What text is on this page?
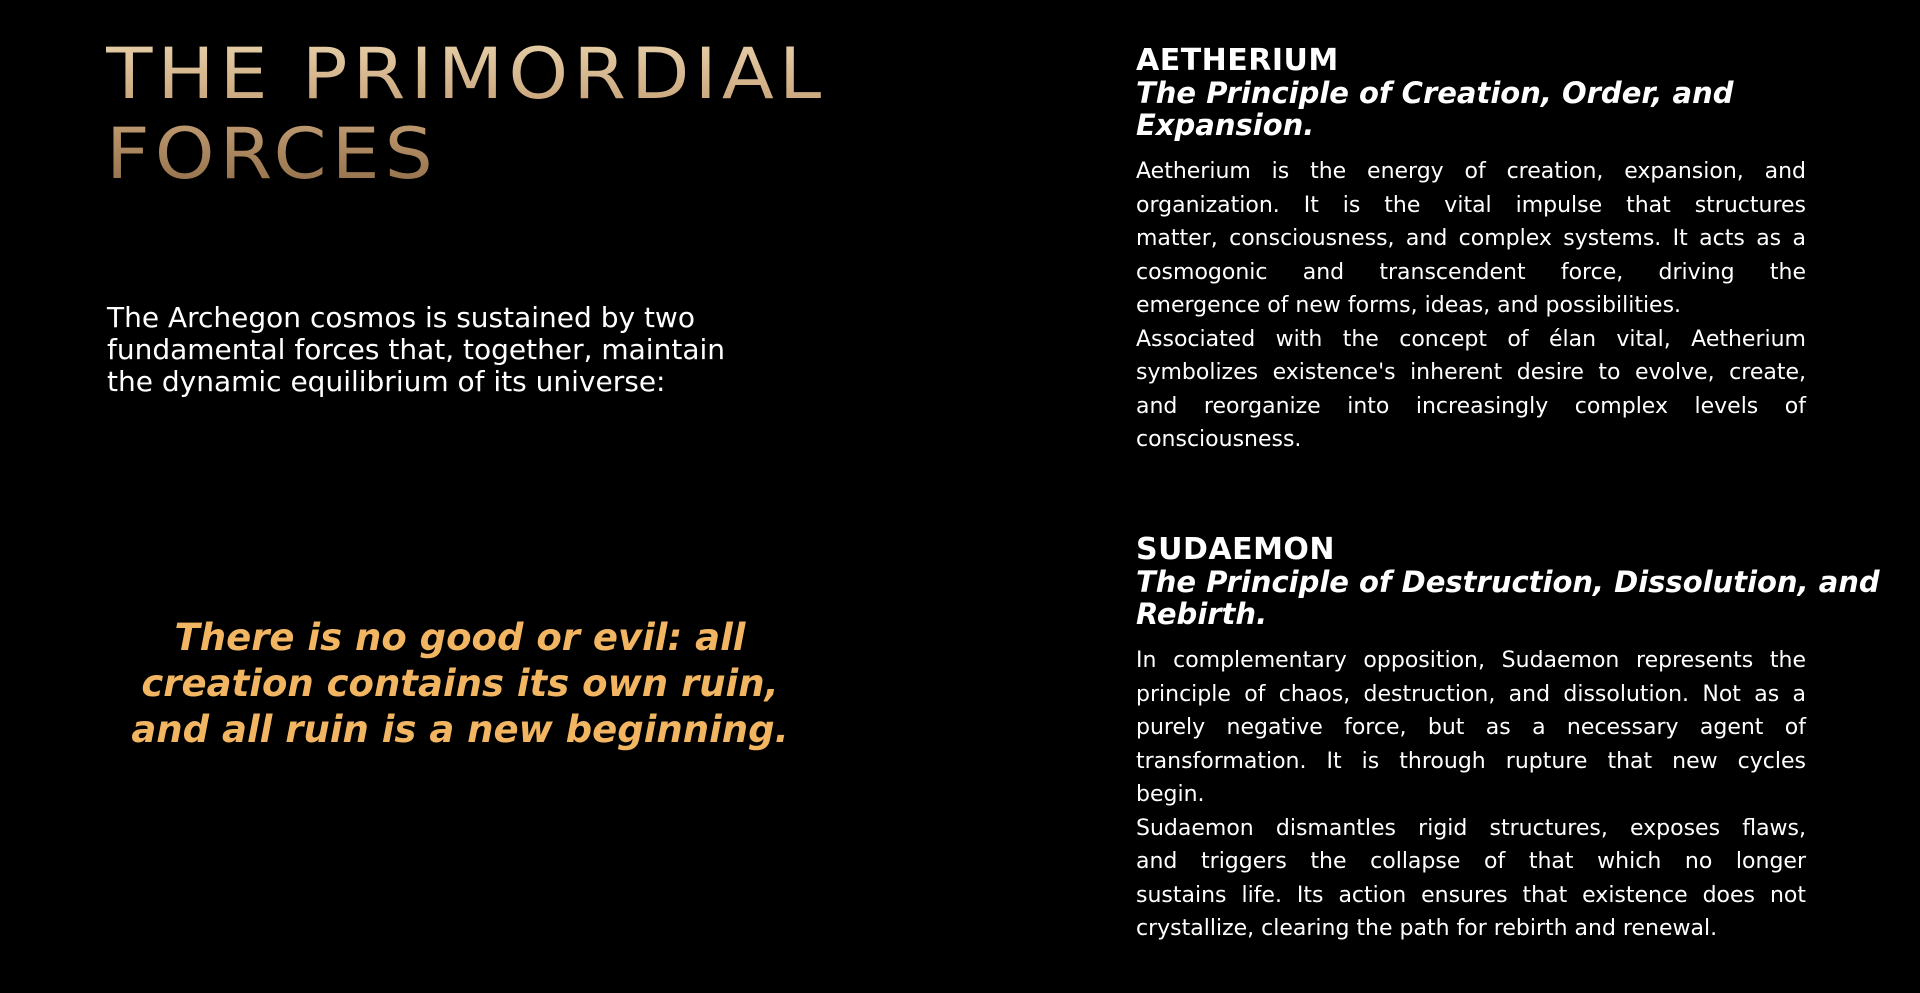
THE PRIMORDIAL
FORCES

The Archegon cosmos is sustained by two
fundamental forces that, together, maintain
the dynamic equilibrium of its universe:

There is no good or evil: all
creation contains its own ruin,
and all ruin is a new beginning.
AETHERIUM
The Principle of Creation, Order, and
Expansion.

Aetherium is the energy of creation, expansion, and
organization. It is the vital impulse that structures
matter, consciousness, and complex systems. It acts as a
cosmogonic and transcendent force, driving the
emergence of new forms, ideas, and possibilities.

Associated with the concept of élan vital, Aetherium
symbolizes existence's inherent desire to evolve, create,
and reorganize into increasingly complex levels of
consciousness.

SUDAEMON
The Principle of Destruction, Dissolution, and
Rebirth.

In complementary opposition, Sudaemon represents the
principle of chaos, destruction, and dissolution. Not as a
purely negative force, but as a necessary agent of
transformation. It is through rupture that new cycles
begin.

Sudaemon dismantles rigid structures, exposes flaws,
and triggers the collapse of that which no longer
sustains life. Its action ensures that existence does not
crystallize, clearing the path for rebirth and renewal.
